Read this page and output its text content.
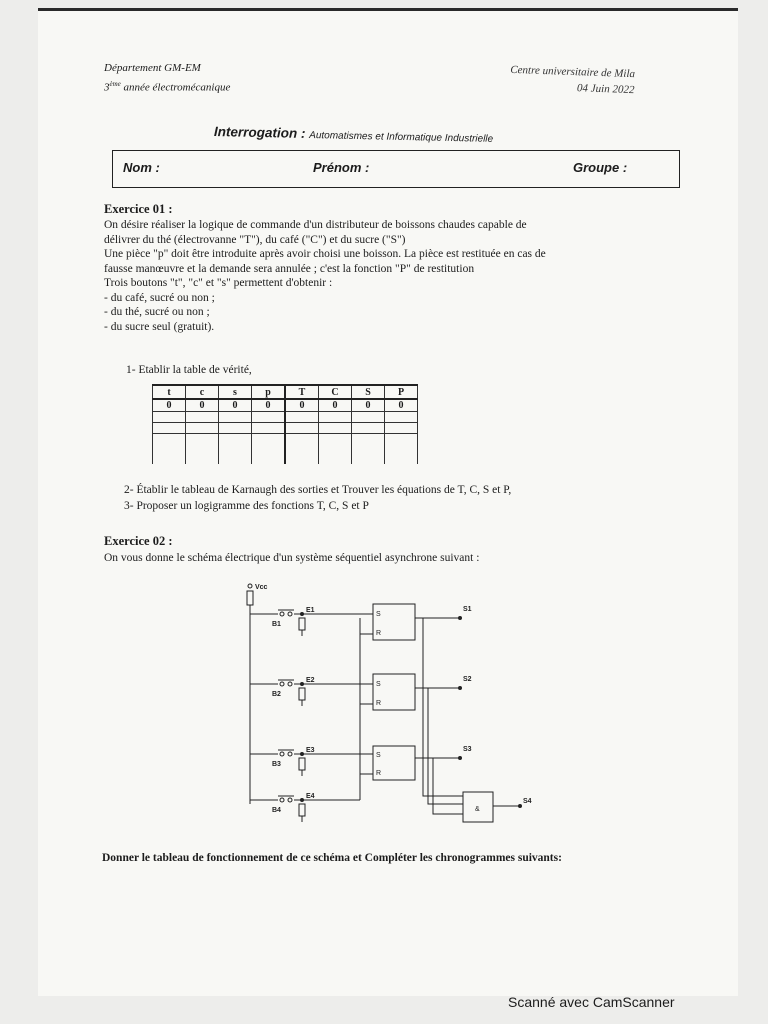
Département GM-EM
3ème année électromécanique
Centre universitaire de Mila
04 Juin 2022
Interrogation : Automatismes et Informatique Industrielle
Nom :	Prénom :	Groupe :
Exercice 01 :
On désire réaliser la logique de commande d'un distributeur de boissons chaudes capable de
délivrer du thé (électrovanne "T"), du café ("C") et du sucre ("S")
Une pièce "p" doit être introduite après avoir choisi une boisson. La pièce est restituée en cas de
fausse manœuvre et la demande sera annulée ; c'est la fonction "P" de restitution
Trois boutons "t", "c" et "s" permettent d'obtenir :
- du café, sucré ou non ;
- du thé, sucré ou non ;
- du sucre seul (gratuit).
1- Etablir la table de vérité,
t	c	s	p	T	C	S	P
0	0	0	0	0	0	0	0

2- Établir le tableau de Karnaugh des sorties et Trouver les équations de T, C, S et P,
3- Proposer un logigramme des fonctions T, C, S et P
Exercice 02 :
On vous donne le schéma électrique d'un système séquentiel asynchrone suivant :
Vcc
B1
E1
S
R
S1
B2
E2
S
R
S2
B3
E3
S
R
S3
B4
E4
&
S4
Donner le tableau de fonctionnement de ce schéma et Compléter les chronogrammes suivants:
Scanné avec CamScanner
